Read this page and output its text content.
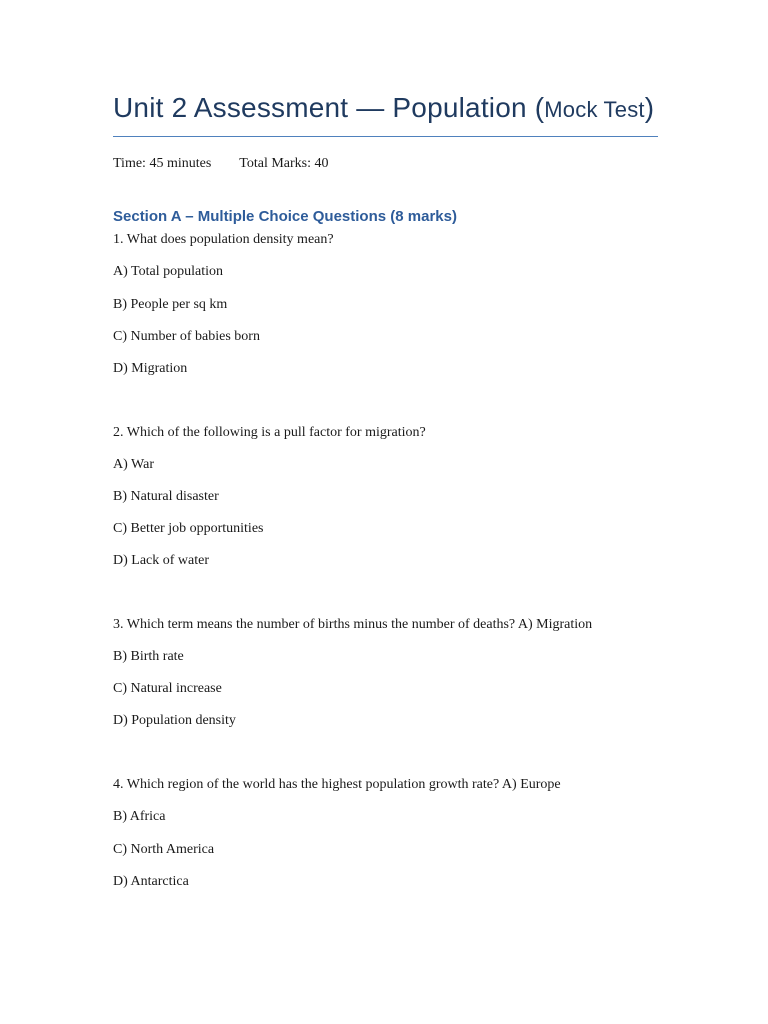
Unit 2 Assessment — Population (Mock Test)
Time: 45 minutes Total Marks: 40
Section A – Multiple Choice Questions (8 marks)
1. What does population density mean?
A) Total population
B) People per sq km
C) Number of babies born
D) Migration
2. Which of the following is a pull factor for migration?
A) War
B) Natural disaster
C) Better job opportunities
D) Lack of water
3. Which term means the number of births minus the number of deaths? A) Migration
B) Birth rate
C) Natural increase
D) Population density
4. Which region of the world has the highest population growth rate? A) Europe
B) Africa
C) North America
D) Antarctica
